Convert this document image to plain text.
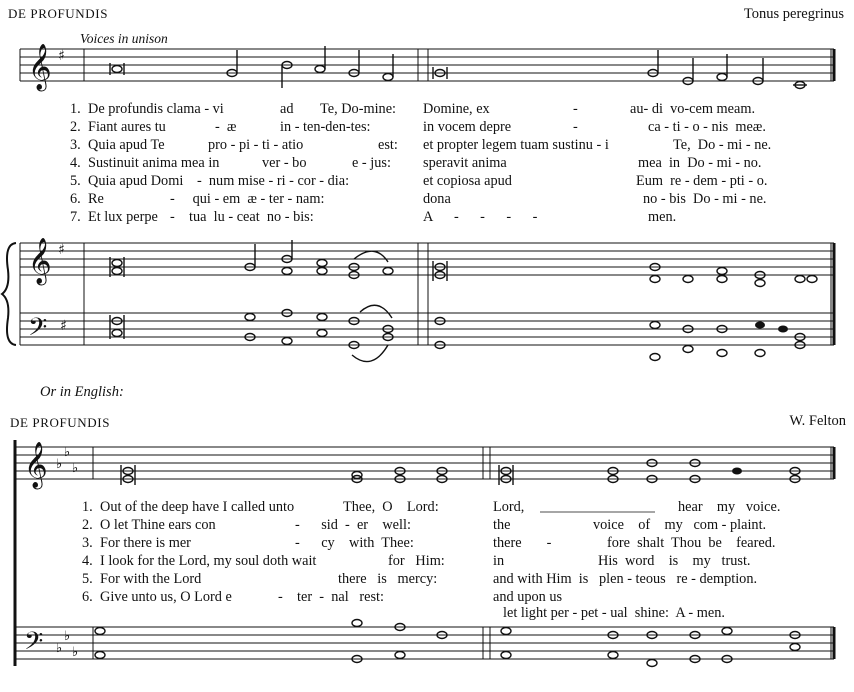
DE PROFUNDIS	Tonus peregrinus
Voices in unison
1. De profundis clama - vi	ad Te, Do-mine: Domine, ex	-	au- di  vo-cem meam.
2. Fiant aures tu	-  æ	in - ten-den-tes:	in vocem depre	-	ca - ti - o - nis  meæ.
3. Quia apud Te	pro - pi - ti - atio	est: et propter legem tuam sustinu - i	Te,  Do - mi - ne.
4. Sustinuit anima mea in	ver - bo	e - jus: speravit anima	mea  in  Do - mi - no.
5. Quia apud Domi -  num mise - ri - cor - dia:	et copiosa apud	Eum  re - dem - pti - o.
6. Re	-     qui - em  æ - ter - nam:	dona	no - bis  Do - mi - ne.
7. Et lux perpe -    tua  lu - ceat  no - bis:	A      -      -      -      -	men.
Or in English:
DE PROFUNDIS	W. Felton
1. Out of the deep have I called unto	Thee,  O    Lord:	Lord,	hear    my   voice.
2. O let Thine ears con	-      sid  -  er    well:	the	voice    of    my   com - plaint.
3. For there is mer	-      cy    with  Thee:	there       -	fore  shalt  Thou  be    feared.
4. I look for the Lord, my soul doth wait	for   Him:	in	His  word    is    my   trust.
5. For with the Lord	there   is   mercy:	and with Him  is   plen - teous   re - demption.
6. Give unto us, O Lord e	-    ter  -  nal   rest:	and upon us
let light per - pet - ual  shine:  A - men.
𝄞 ♯
𝄞 ♯
𝄢 ♯
𝄞 ♭
♭
♭
𝄢 ♭
♭
♭
